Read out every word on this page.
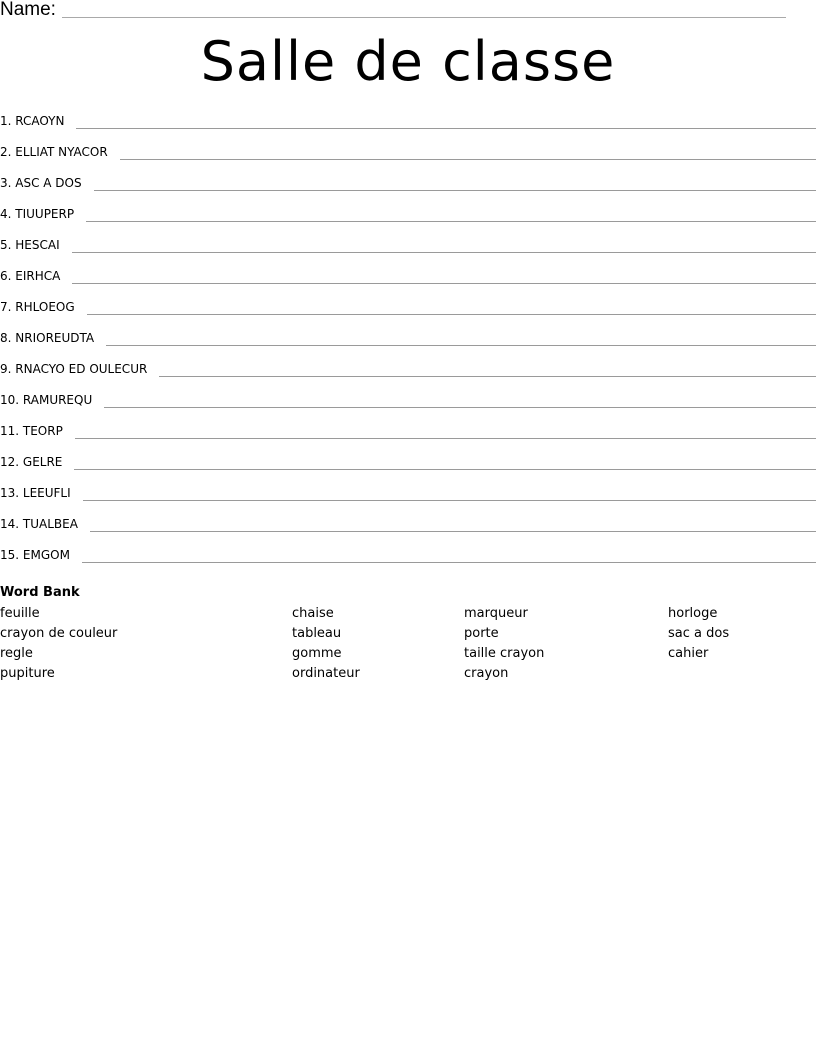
Name:
Salle de classe
1. RCAOYN
2. ELLIAT NYACOR
3. ASC A DOS
4. TIUUPERP
5. HESCAI
6. EIRHCA
7. RHLOEOG
8. NRIOREUDTA
9. RNACYO ED OULECUR
10. RAMUREQU
11. TEORP
12. GELRE
13. LEEUFLI
14. TUALBEA
15. EMGOM
Word Bank
feuille
crayon de couleur
regle
pupiture
chaise
tableau
gomme
ordinateur
marqueur
porte
taille crayon
crayon
horloge
sac a dos
cahier
